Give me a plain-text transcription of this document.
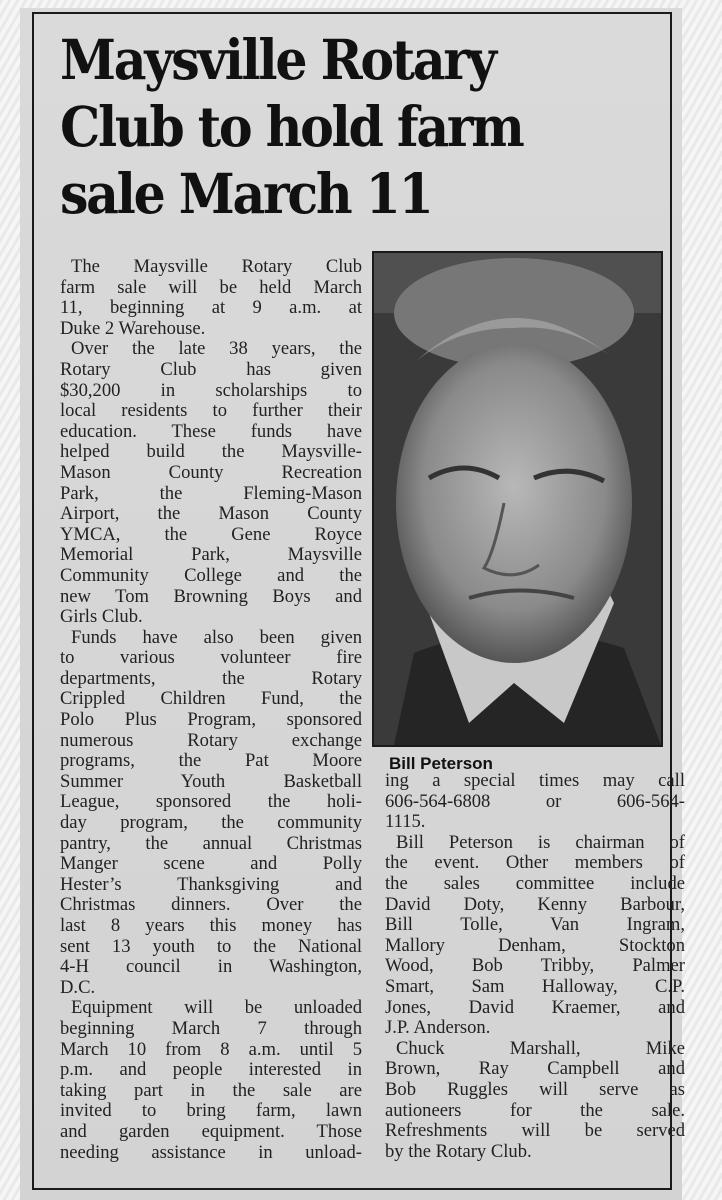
Maysville Rotary
Club to hold farm
sale March 11
Bill Peterson
The Maysville Rotary Club
farm sale will be held March
11, beginning at 9 a.m. at
Duke 2 Warehouse.
Over the late 38 years, the
Rotary Club has given
$30,200 in scholarships to
local residents to further their
education. These funds have
helped build the Maysville-
Mason County Recreation
Park, the Fleming-Mason
Airport, the Mason County
YMCA, the Gene Royce
Memorial Park, Maysville
Community College and the
new Tom Browning Boys and
Girls Club.
Funds have also been given
to various volunteer fire
departments, the Rotary
Crippled Children Fund, the
Polo Plus Program, sponsored
numerous Rotary exchange
programs, the Pat Moore
Summer Youth Basketball
League, sponsored the holi-
day program, the community
pantry, the annual Christmas
Manger scene and Polly
Hester’s Thanksgiving and
Christmas dinners. Over the
last 8 years this money has
sent 13 youth to the National
4-H council in Washington,
D.C.
Equipment will be unloaded
beginning March 7 through
March 10 from 8 a.m. until 5
p.m. and people interested in
taking part in the sale are
invited to bring farm, lawn
and garden equipment. Those
needing assistance in unload-
ing a special times may call
606-564-6808 or 606-564-
1115.
Bill Peterson is chairman of
the event. Other members of
the sales committee include
David Doty, Kenny Barbour,
Bill Tolle, Van Ingram,
Mallory Denham, Stockton
Wood, Bob Tribby, Palmer
Smart, Sam Halloway, C.P.
Jones, David Kraemer, and
J.P. Anderson.
Chuck Marshall, Mike
Brown, Ray Campbell and
Bob Ruggles will serve as
autioneers for the sale.
Refreshments will be served
by the Rotary Club.
